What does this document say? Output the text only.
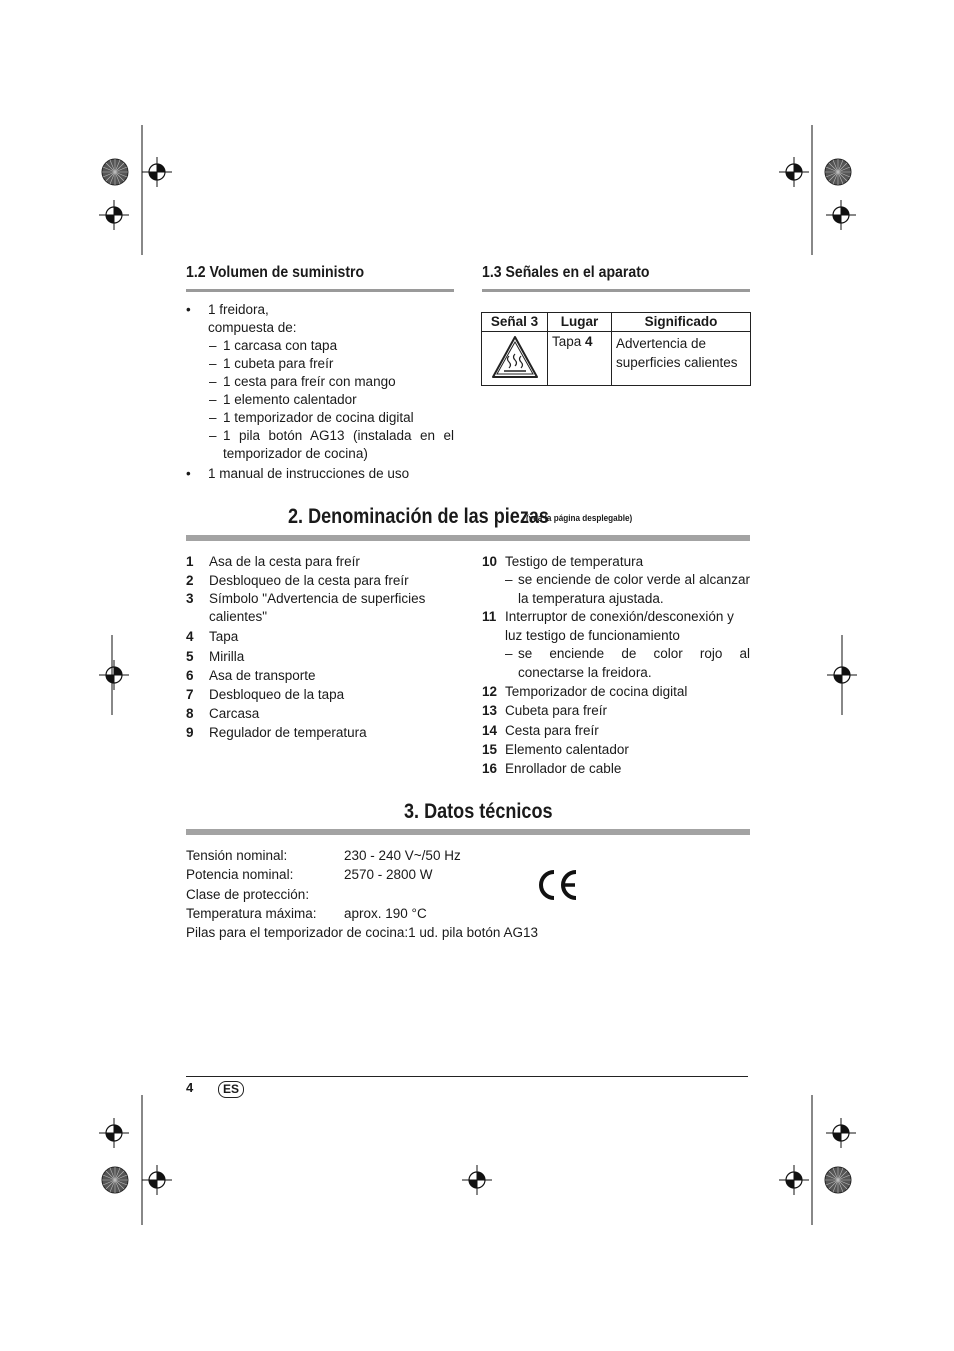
1.2 Volumen de suministro
•	1 freidora,
compuesta de:
– 1 carcasa con tapa
– 1 cubeta para freír
– 1 cesta para freír con mango
– 1 elemento calentador
– 1 temporizador de cocina digital
– 1 pila botón AG13 (instalada en el temporizador de cocina)
•	1 manual de instrucciones de uso
1.3 Señales en el aparato
Señal 3	Lugar	Significado
	Tapa 4	Advertencia de superficies calientes
2. Denominación de las piezas
(vea la página desplegable)
1	Asa de la cesta para freír
2	Desbloqueo de la cesta para freír
3	Símbolo "Advertencia de superficies calientes"
4	Tapa
5	Mirilla
6	Asa de transporte
7	Desbloqueo de la tapa
8	Carcasa
9	Regulador de temperatura
10 Testigo de temperatura
– se enciende de color verde al alcanzar la temperatura ajustada.
11 Interruptor de conexión/desconexión y luz testigo de funcionamiento
– se enciende de color rojo al conectarse la freidora.
12 Temporizador de cocina digital
13 Cubeta para freír
14 Cesta para freír
15 Elemento calentador
16 Enrollador de cable
3. Datos técnicos
Tensión nominal:	230 - 240 V~/50 Hz
Potencia nominal:	2570 - 2800 W
Clase de protección:
Temperatura máxima:	aprox. 190 °C
Pilas para el temporizador de cocina:1 ud. pila botón AG13
4	ES
